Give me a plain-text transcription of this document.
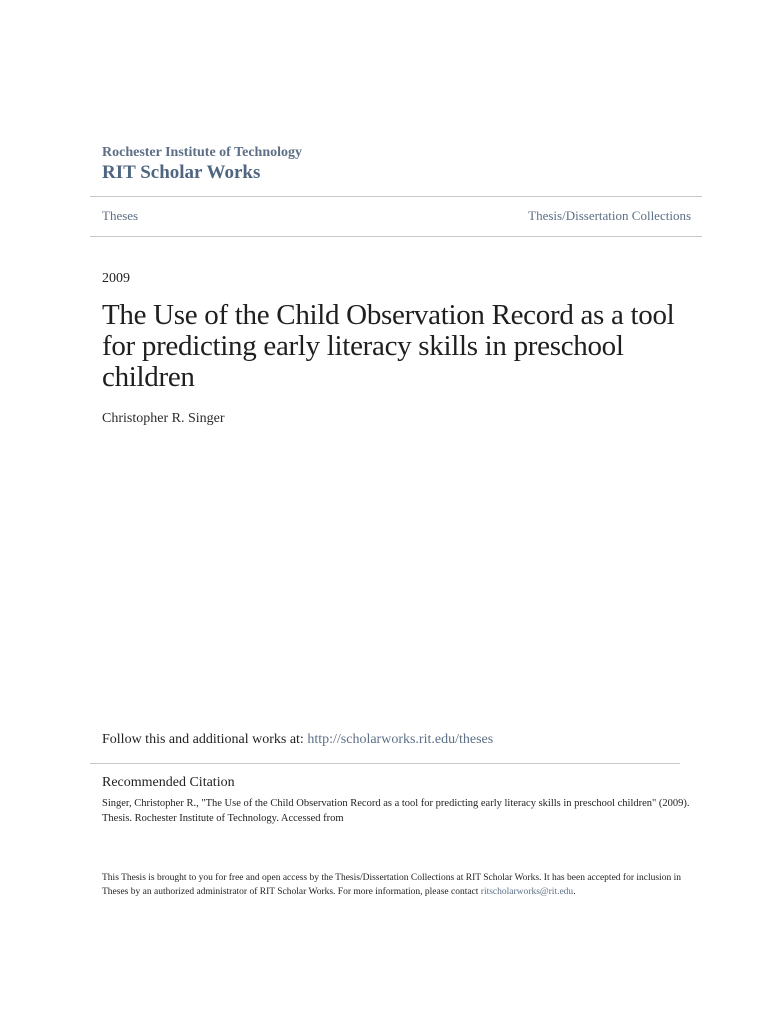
Rochester Institute of Technology

RIT Scholar Works
Theses	Thesis/Dissertation Collections

2009

The Use of the Child Observation Record as a tool for predicting early literacy skills in preschool children

Christopher R. Singer

Follow this and additional works at: http://scholarworks.rit.edu/theses

Recommended Citation

Singer, Christopher R., "The Use of the Child Observation Record as a tool for predicting early literacy skills in preschool children" (2009). Thesis. Rochester Institute of Technology. Accessed from

This Thesis is brought to you for free and open access by the Thesis/Dissertation Collections at RIT Scholar Works. It has been accepted for inclusion in Theses by an authorized administrator of RIT Scholar Works. For more information, please contact ritscholarworks@rit.edu.
